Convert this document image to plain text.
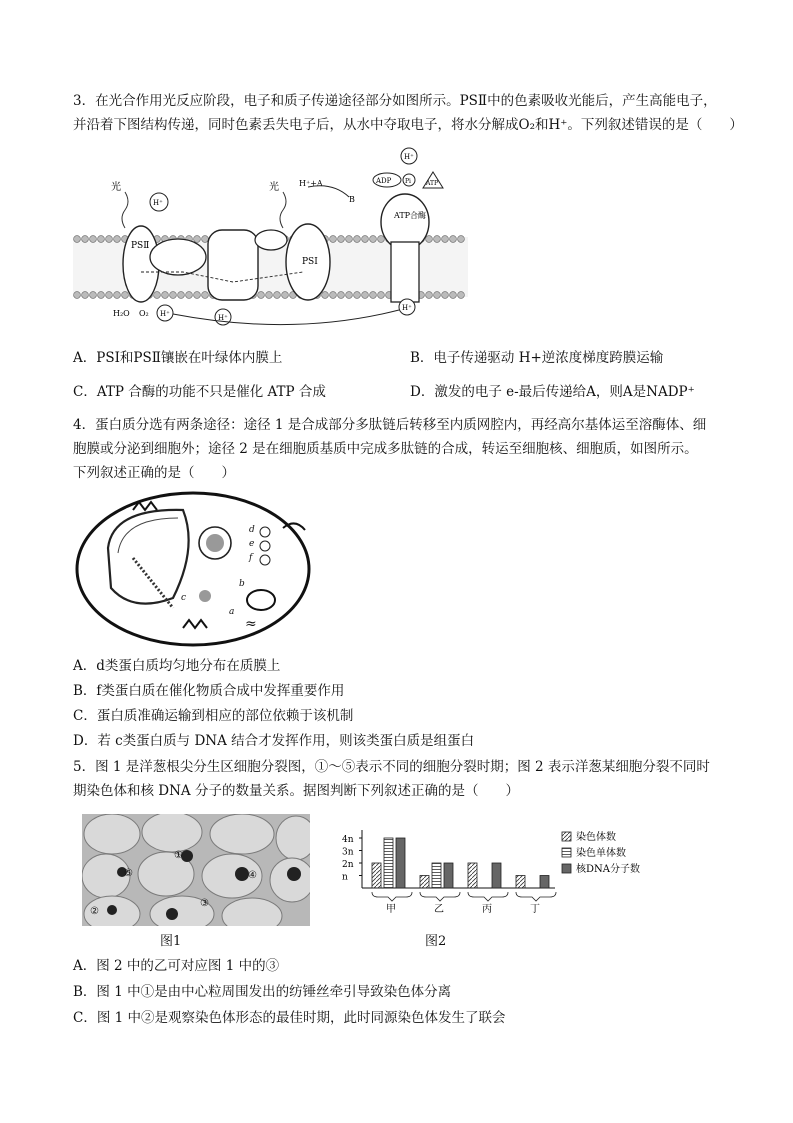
3．在光合作用光反应阶段，电子和质子传递途径部分如图所示。PSⅡ中的色素吸收光能后，产生高能电子，
并沿着下图结构传递，同时色素丢失电子后，从水中夺取电子，将水分解成O₂和H⁺。下列叙述错误的是（　　）
PSⅡ
PSⅠ
ATP合酶
光	光
H⁺
H⁺+A
B
H⁺
ADP Pi	ATP
H₂O O₂ H⁺	H⁺
H⁺
A．PSI和PSⅡ镶嵌在叶绿体内膜上	B．电子传递驱动 H+逆浓度梯度跨膜运输
C．ATP 合酶的功能不只是催化 ATP 合成	D．激发的电子 e-最后传递给A，则A是NADP⁺
4．蛋白质分选有两条途径：途径 1 是合成部分多肽链后转移至内质网腔内，再经高尔基体运至溶酶体、细
胞膜或分泌到细胞外；途径 2 是在细胞质基质中完成多肽链的合成，转运至细胞核、细胞质，如图所示。
下列叙述正确的是（　　）
d
e
f
c
b
a
≈
A．d类蛋白质均匀地分布在质膜上
B．f类蛋白质在催化物质合成中发挥重要作用
C．蛋白质准确运输到相应的部位依赖于该机制
D．若 c类蛋白质与 DNA 结合才发挥作用，则该类蛋白质是组蛋白
5．图 1 是洋葱根尖分生区细胞分裂图，①～⑤表示不同的细胞分裂时期；图 2 表示洋葱某细胞分裂不同时
期染色体和核 DNA 分子的数量关系。据图判断下列叙述正确的是（　　）
①
②
③
④
⑤
图1
4n
3n
2n
n
甲	乙	丙	丁
染色体数
染色单体数
核DNA分子数
图2
A．图 2 中的乙可对应图 1 中的③
B．图 1 中①是由中心粒周围发出的纺锤丝牵引导致染色体分离
C．图 1 中②是观察染色体形态的最佳时期，此时同源染色体发生了联会
